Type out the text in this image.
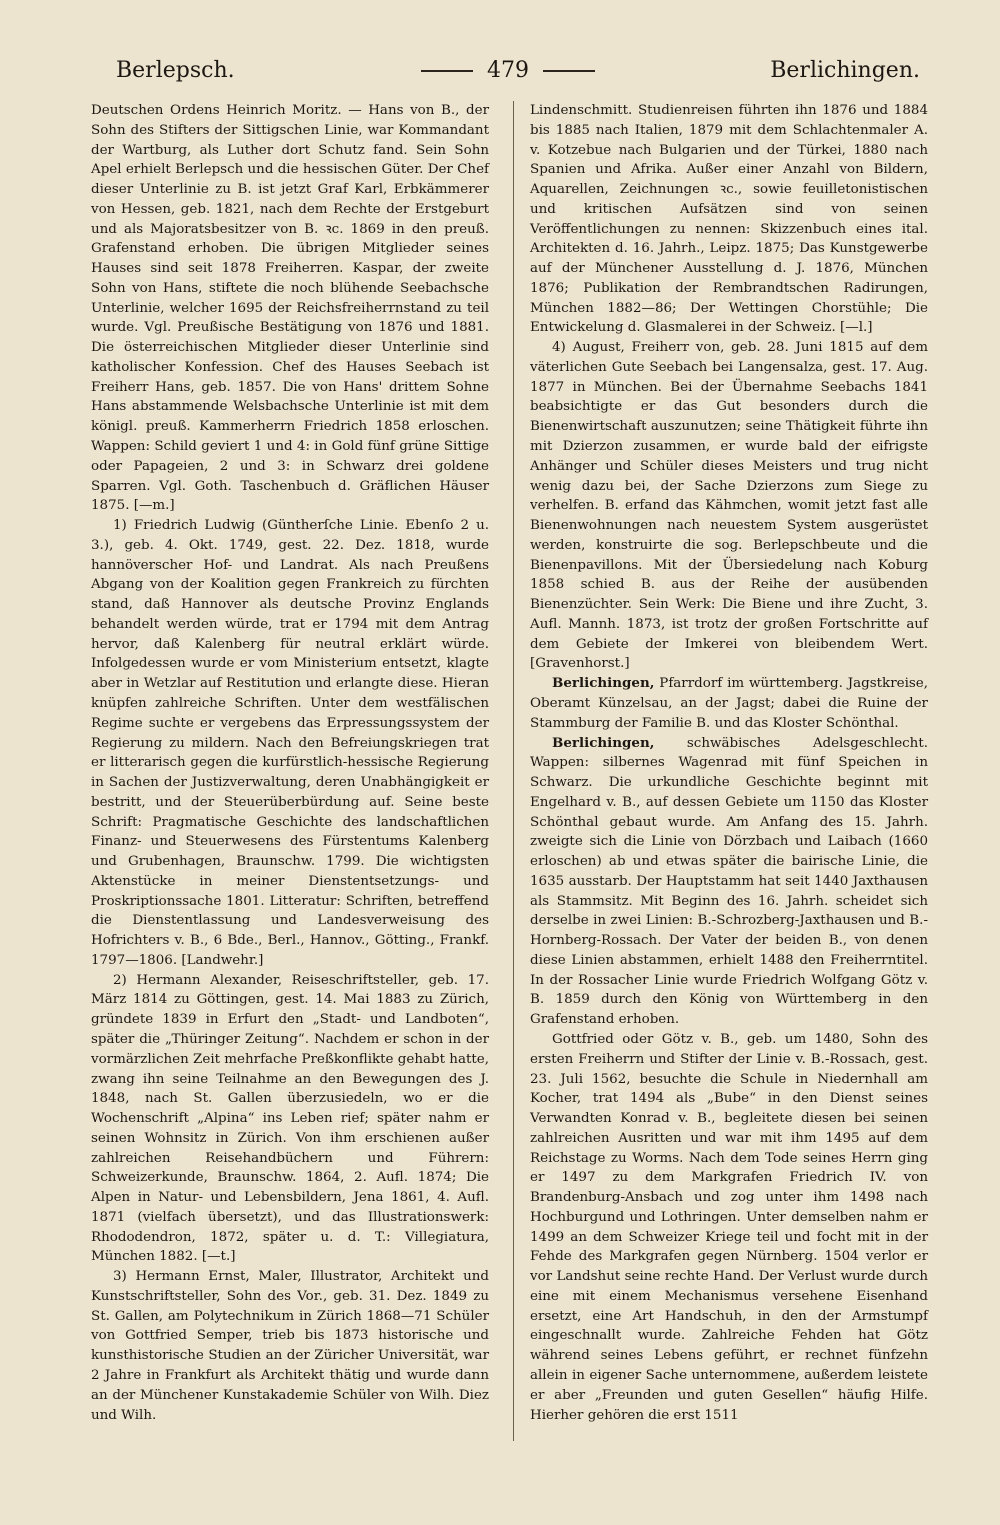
Berlepsch.	479	Berlichingen.

Deutschen Ordens Heinrich Moritz. — Hans von B., der Sohn des Stifters der Sittigschen Linie, war Kommandant der Wartburg, als Luther dort Schutz fand. Sein Sohn Apel erhielt Berlepsch und die hessischen Güter. Der Chef dieser Unterlinie zu B. ist jetzt Graf Karl, Erbkämmerer von Hessen, geb. 1821, nach dem Rechte der Erstgeburt und als Majoratsbesitzer von B. ꝛc. 1869 in den preuß. Grafenstand erhoben. Die übrigen Mitglieder seines Hauses sind seit 1878 Freiherren. Kaspar, der zweite Sohn von Hans, stiftete die noch blühende Seebachsche Unterlinie, welcher 1695 der Reichsfreiherrnstand zu teil wurde. Vgl. Preußische Bestätigung von 1876 und 1881. Die österreichischen Mitglieder dieser Unterlinie sind katholischer Konfession. Chef des Hauses Seebach ist Freiherr Hans, geb. 1857. Die von Hans' drittem Sohne Hans abstammende Welsbachsche Unterlinie ist mit dem königl. preuß. Kammerherrn Friedrich 1858 erloschen. Wappen: Schild geviert 1 und 4: in Gold fünf grüne Sittige oder Papageien, 2 und 3: in Schwarz drei goldene Sparren. Vgl. Goth. Taschenbuch d. Gräflichen Häuser 1875. [—m.]

1) Friedrich Ludwig (Güntherſche Linie. Ebenſo 2 u. 3.), geb. 4. Okt. 1749, gest. 22. Dez. 1818, wurde hannöverscher Hof- und Landrat. Als nach Preußens Abgang von der Koalition gegen Frankreich zu fürchten stand, daß Hannover als deutsche Provinz Englands behandelt werden würde, trat er 1794 mit dem Antrag hervor, daß Kalenberg für neutral erklärt würde. Infolgedessen wurde er vom Ministerium entsetzt, klagte aber in Wetzlar auf Restitution und erlangte diese. Hieran knüpfen zahlreiche Schriften. Unter dem westfälischen Regime suchte er vergebens das Erpressungssystem der Regierung zu mildern. Nach den Befreiungskriegen trat er litterarisch gegen die kurfürstlich-hessische Regierung in Sachen der Justizverwaltung, deren Unabhängigkeit er bestritt, und der Steuerüberbürdung auf. Seine beste Schrift: Pragmatische Geschichte des landschaftlichen Finanz- und Steuerwesens des Fürstentums Kalenberg und Grubenhagen, Braunschw. 1799. Die wichtigsten Aktenstücke in meiner Dienstentsetzungs- und Proskriptionssache 1801. Litteratur: Schriften, betreffend die Dienstentlassung und Landesverweisung des Hofrichters v. B., 6 Bde., Berl., Hannov., Götting., Frankf. 1797—1806. [Landwehr.]

2) Hermann Alexander, Reiseschriftsteller, geb. 17. März 1814 zu Göttingen, gest. 14. Mai 1883 zu Zürich, gründete 1839 in Erfurt den „Stadt- und Landboten“, später die „Thüringer Zeitung“. Nachdem er schon in der vormärzlichen Zeit mehrfache Preßkonflikte gehabt hatte, zwang ihn seine Teilnahme an den Bewegungen des J. 1848, nach St. Gallen überzusiedeln, wo er die Wochenschrift „Alpina“ ins Leben rief; später nahm er seinen Wohnsitz in Zürich. Von ihm erschienen außer zahlreichen Reisehandbüchern und Führern: Schweizerkunde, Braunschw. 1864, 2. Aufl. 1874; Die Alpen in Natur- und Lebensbildern, Jena 1861, 4. Aufl. 1871 (vielfach übersetzt), und das Illustrationswerk: Rhododendron, 1872, später u. d. T.: Villegiatura, München 1882. [—t.]

3) Hermann Ernst, Maler, Illustrator, Architekt und Kunstschriftsteller, Sohn des Vor., geb. 31. Dez. 1849 zu St. Gallen, am Polytechnikum in Zürich 1868—71 Schüler von Gottfried Semper, trieb bis 1873 historische und kunsthistorische Studien an der Züricher Universität, war 2 Jahre in Frankfurt als Architekt thätig und wurde dann an der Münchener Kunstakademie Schüler von Wilh. Diez und Wilh.

Lindenschmitt. Studienreisen führten ihn 1876 und 1884 bis 1885 nach Italien, 1879 mit dem Schlachtenmaler A. v. Kotzebue nach Bulgarien und der Türkei, 1880 nach Spanien und Afrika. Außer einer Anzahl von Bildern, Aquarellen, Zeichnungen ꝛc., sowie feuilletonistischen und kritischen Aufsätzen sind von seinen Veröffentlichungen zu nennen: Skizzenbuch eines ital. Architekten d. 16. Jahrh., Leipz. 1875; Das Kunstgewerbe auf der Münchener Ausstellung d. J. 1876, München 1876; Publikation der Rembrandtschen Radirungen, München 1882—86; Der Wettingen Chorstühle; Die Entwickelung d. Glasmalerei in der Schweiz. [—l.]

4) August, Freiherr von, geb. 28. Juni 1815 auf dem väterlichen Gute Seebach bei Langensalza, gest. 17. Aug. 1877 in München. Bei der Übernahme Seebachs 1841 beabsichtigte er das Gut besonders durch die Bienenwirtschaft auszunutzen; seine Thätigkeit führte ihn mit Dzierzon zusammen, er wurde bald der eifrigste Anhänger und Schüler dieses Meisters und trug nicht wenig dazu bei, der Sache Dzierzons zum Siege zu verhelfen. B. erfand das Kähmchen, womit jetzt fast alle Bienenwohnungen nach neuestem System ausgerüstet werden, konstruirte die sog. Berlepschbeute und die Bienenpavillons. Mit der Übersiedelung nach Koburg 1858 schied B. aus der Reihe der ausübenden Bienenzüchter. Sein Werk: Die Biene und ihre Zucht, 3. Aufl. Mannh. 1873, ist trotz der großen Fortschritte auf dem Gebiete der Imkerei von bleibendem Wert. [Gravenhorst.]

Berlichingen, Pfarrdorf im württemberg. Jagstkreise, Oberamt Künzelsau, an der Jagst; dabei die Ruine der Stammburg der Familie B. und das Kloster Schönthal.

Berlichingen, schwäbisches Adelsgeschlecht. Wappen: silbernes Wagenrad mit fünf Speichen in Schwarz. Die urkundliche Geschichte beginnt mit Engelhard v. B., auf dessen Gebiete um 1150 das Kloster Schönthal gebaut wurde. Am Anfang des 15. Jahrh. zweigte sich die Linie von Dörzbach und Laibach (1660 erloschen) ab und etwas später die bairische Linie, die 1635 ausstarb. Der Hauptstamm hat seit 1440 Jaxthausen als Stammsitz. Mit Beginn des 16. Jahrh. scheidet sich derselbe in zwei Linien: B.-Schrozberg-Jaxthausen und B.-Hornberg-Rossach. Der Vater der beiden B., von denen diese Linien abstammen, erhielt 1488 den Freiherrntitel. In der Rossacher Linie wurde Friedrich Wolfgang Götz v. B. 1859 durch den König von Württemberg in den Grafenstand erhoben.

Gottfried oder Götz v. B., geb. um 1480, Sohn des ersten Freiherrn und Stifter der Linie v. B.-Rossach, gest. 23. Juli 1562, besuchte die Schule in Niedernhall am Kocher, trat 1494 als „Bube“ in den Dienst seines Verwandten Konrad v. B., begleitete diesen bei seinen zahlreichen Ausritten und war mit ihm 1495 auf dem Reichstage zu Worms. Nach dem Tode seines Herrn ging er 1497 zu dem Markgrafen Friedrich IV. von Brandenburg-Ansbach und zog unter ihm 1498 nach Hochburgund und Lothringen. Unter demselben nahm er 1499 an dem Schweizer Kriege teil und focht mit in der Fehde des Markgrafen gegen Nürnberg. 1504 verlor er vor Landshut seine rechte Hand. Der Verlust wurde durch eine mit einem Mechanismus versehene Eisenhand ersetzt, eine Art Handschuh, in den der Armstumpf eingeschnallt wurde. Zahlreiche Fehden hat Götz während seines Lebens geführt, er rechnet fünfzehn allein in eigener Sache unternommene, außerdem leistete er aber „Freunden und guten Gesellen“ häufig Hilfe. Hierher gehören die erst 1511
